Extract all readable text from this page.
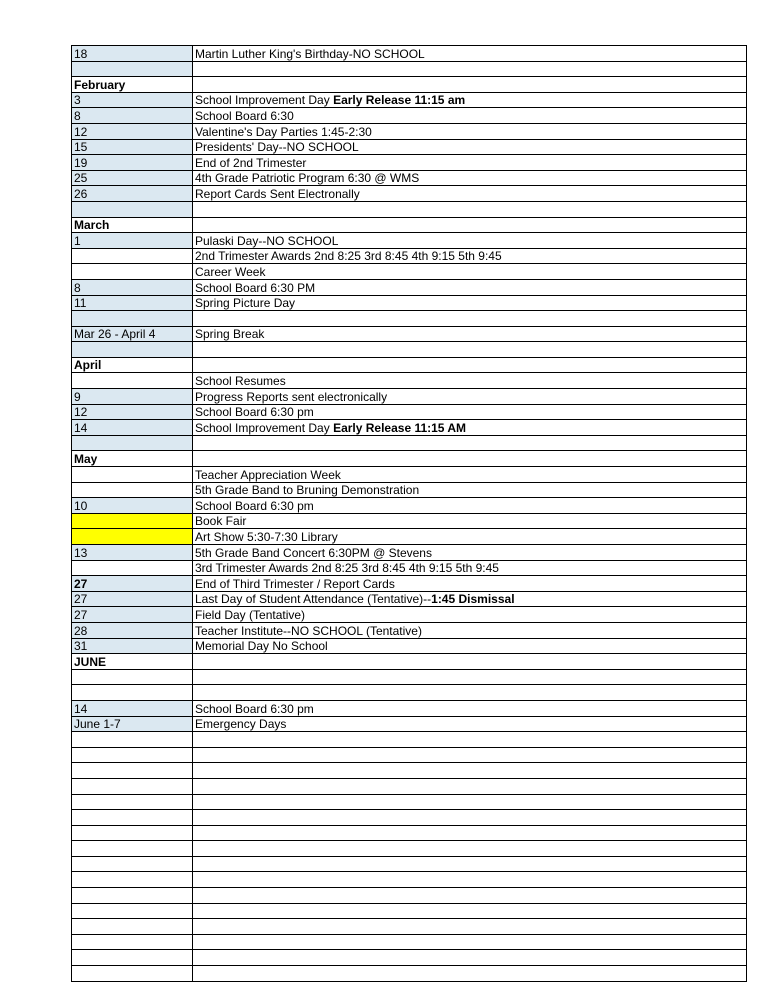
18	Martin Luther King's Birthday-NO SCHOOL

February	
3	School Improvement Day Early Release 11:15 am
8	School Board 6:30
12	Valentine's Day Parties 1:45-2:30
15	Presidents' Day--NO SCHOOL
19	End of 2nd Trimester
25	4th Grade Patriotic Program 6:30 @ WMS
26	Report Cards Sent Electronally

March	
1	Pulaski Day--NO SCHOOL
	2nd Trimester Awards 2nd 8:25 3rd 8:45 4th 9:15 5th 9:45
	Career Week
8	School Board 6:30 PM
11	Spring Picture Day

Mar 26 - April 4	Spring Break

April	
	School Resumes
9	Progress Reports sent electronically
12	School Board 6:30 pm
14	School Improvement Day Early Release 11:15 AM

May	
	Teacher Appreciation Week
	5th Grade Band to Bruning Demonstration
10	School Board 6:30 pm
	Book Fair
	Art Show 5:30-7:30 Library
13	5th Grade Band Concert 6:30PM @ Stevens
	3rd Trimester Awards 2nd 8:25 3rd 8:45 4th 9:15 5th 9:45
27	End of Third Trimester / Report Cards
27	Last Day of Student Attendance (Tentative)--1:45 Dismissal
27	Field Day (Tentative)
28	Teacher Institute--NO SCHOOL (Tentative)
31	Memorial Day No School
JUNE	

14	School Board 6:30 pm
June 1-7	Emergency Days
